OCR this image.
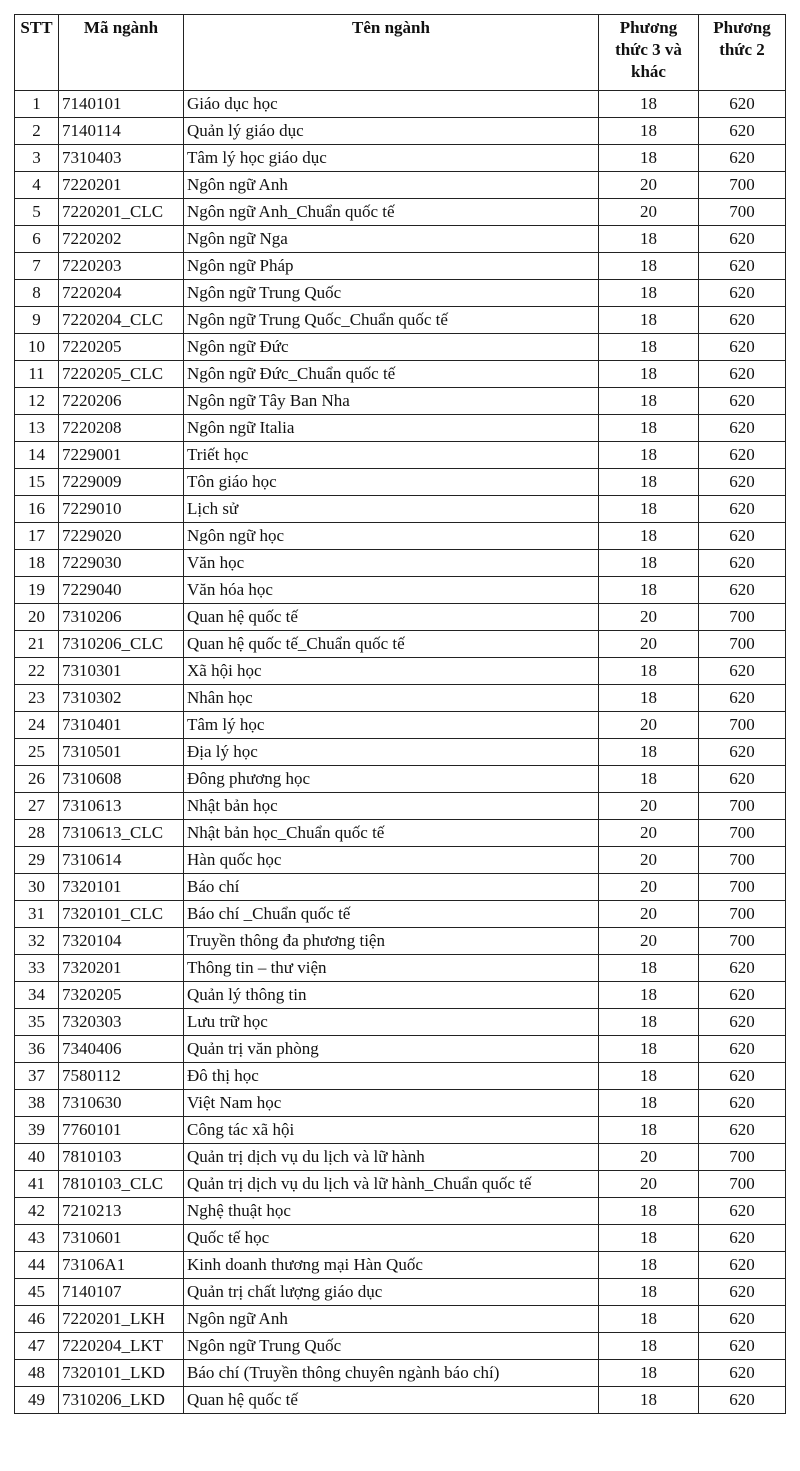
STT	Mã ngành	Tên ngành	Phương thức 3 và khác	Phương thức 2
1	7140101	Giáo dục học	18	620
2	7140114	Quản lý giáo dục	18	620
3	7310403	Tâm lý học giáo dục	18	620
4	7220201	Ngôn ngữ Anh	20	700
5	7220201_CLC	Ngôn ngữ Anh_Chuẩn quốc tế	20	700
6	7220202	Ngôn ngữ Nga	18	620
7	7220203	Ngôn ngữ Pháp	18	620
8	7220204	Ngôn ngữ Trung Quốc	18	620
9	7220204_CLC	Ngôn ngữ Trung Quốc_Chuẩn quốc tế	18	620
10	7220205	Ngôn ngữ Đức	18	620
11	7220205_CLC	Ngôn ngữ Đức_Chuẩn quốc tế	18	620
12	7220206	Ngôn ngữ Tây Ban Nha	18	620
13	7220208	Ngôn ngữ Italia	18	620
14	7229001	Triết học	18	620
15	7229009	Tôn giáo học	18	620
16	7229010	Lịch sử	18	620
17	7229020	Ngôn ngữ học	18	620
18	7229030	Văn học	18	620
19	7229040	Văn hóa học	18	620
20	7310206	Quan hệ quốc tế	20	700
21	7310206_CLC	Quan hệ quốc tế_Chuẩn quốc tế	20	700
22	7310301	Xã hội học	18	620
23	7310302	Nhân học	18	620
24	7310401	Tâm lý học	20	700
25	7310501	Địa lý học	18	620
26	7310608	Đông phương học	18	620
27	7310613	Nhật bản học	20	700
28	7310613_CLC	Nhật bản học_Chuẩn quốc tế	20	700
29	7310614	Hàn quốc học	20	700
30	7320101	Báo chí	20	700
31	7320101_CLC	Báo chí _Chuẩn quốc tế	20	700
32	7320104	Truyền thông đa phương tiện	20	700
33	7320201	Thông tin – thư viện	18	620
34	7320205	Quản lý thông tin	18	620
35	7320303	Lưu trữ học	18	620
36	7340406	Quản trị văn phòng	18	620
37	7580112	Đô thị học	18	620
38	7310630	Việt Nam học	18	620
39	7760101	Công tác xã hội	18	620
40	7810103	Quản trị dịch vụ du lịch và lữ hành	20	700
41	7810103_CLC	Quản trị dịch vụ du lịch và lữ hành_Chuẩn quốc tế	20	700
42	7210213	Nghệ thuật học	18	620
43	7310601	Quốc tế học	18	620
44	73106A1	Kinh doanh thương mại Hàn Quốc	18	620
45	7140107	Quản trị chất lượng giáo dục	18	620
46	7220201_LKH	Ngôn ngữ Anh	18	620
47	7220204_LKT	Ngôn ngữ Trung Quốc	18	620
48	7320101_LKD	Báo chí (Truyền thông chuyên ngành báo chí)	18	620
49	7310206_LKD	Quan hệ quốc tế	18	620
